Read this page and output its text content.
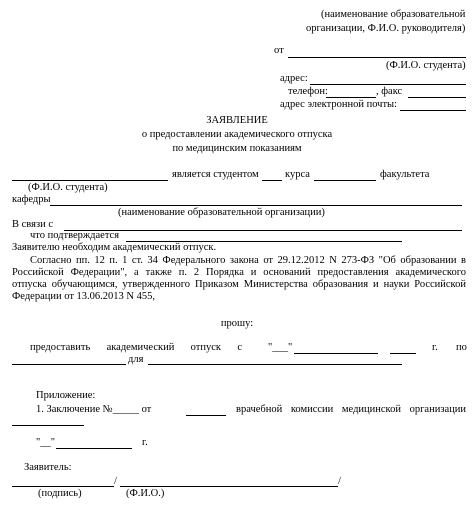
(наименование образовательной
организации, Ф.И.О. руководителя)
от
(Ф.И.О. студента)
адрес:
телефон:	, факс
адрес электронной почты:
ЗАЯВЛЕНИЕ
о предоставлении академического отпуска
по медицинским показаниям
является студентом	курса	факультета
(Ф.И.О. студента)
кафедры
(наименование образовательной организации)
В связи с
что подтверждается
Заявителю необходим академический отпуск.
Согласно пп. 12 п. 1 ст. 34 Федерального закона от 29.12.2012 N 273-ФЗ "Об образовании в
Российской Федерации", а также п. 2 Порядка и оснований предоставления академического
отпуска обучающимся, утвержденного Приказом Министерства образования и науки Российской
Федерации от 13.06.2013 N 455,
прошу:
предоставить академический отпуск с "___"	г. по
для
Приложение:
1. Заключение №_____ от	врачебной комиссии медицинской организации
"__"	г.
Заявитель:
/	/
(подпись)	(Ф.И.О.)
